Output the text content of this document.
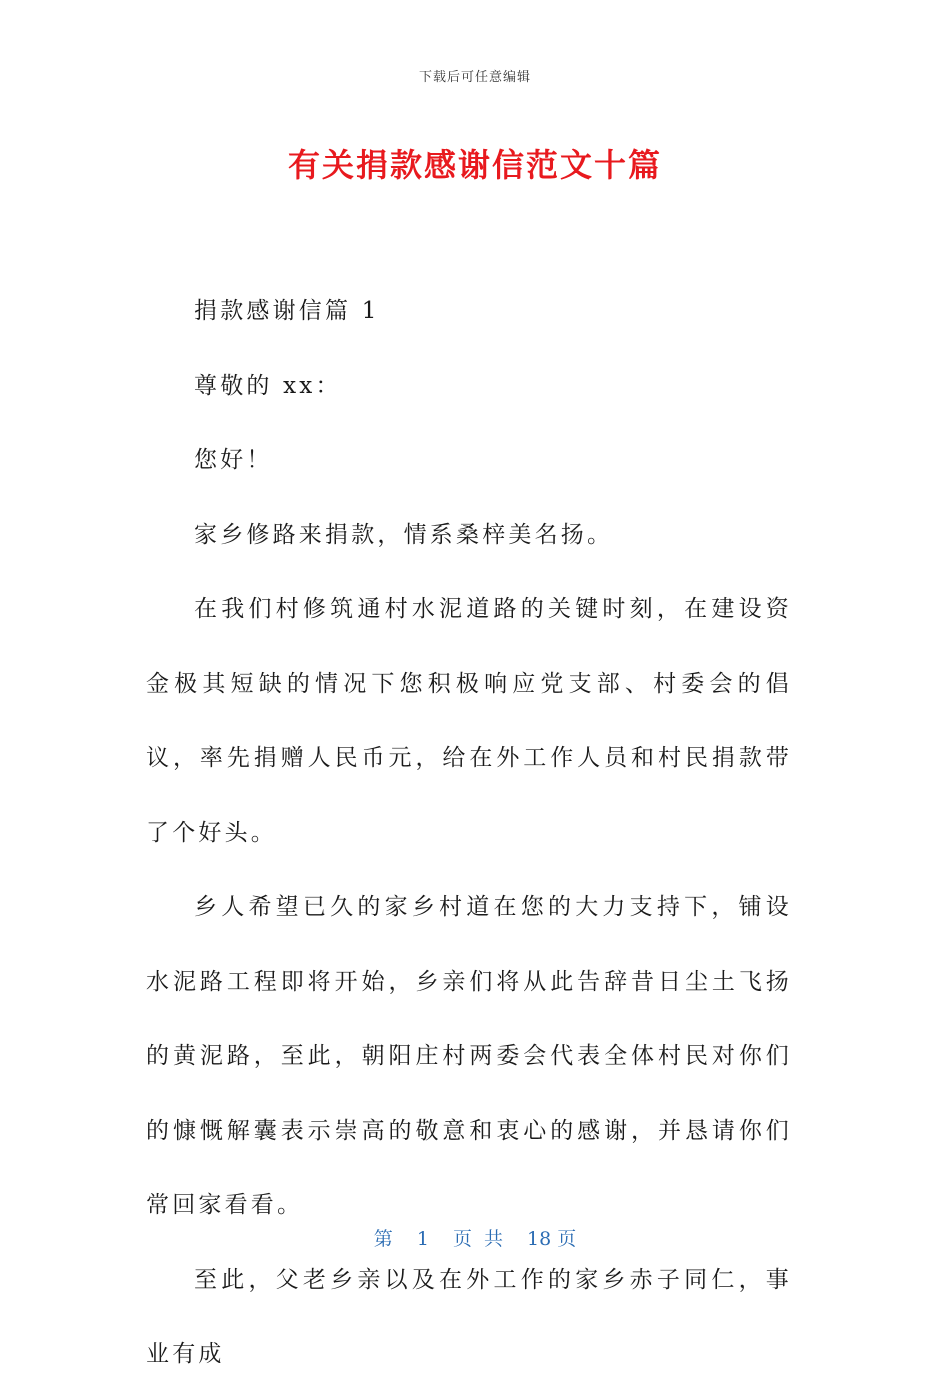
下载后可任意编辑
有关捐款感谢信范文十篇

捐款感谢信篇 1

尊敬的 xx：

您好！

家乡修路来捐款，情系桑梓美名扬。

在我们村修筑通村水泥道路的关键时刻，在建设资金极其短缺的情况下您积极响应党支部、村委会的倡议，率先捐赠人民币元，给在外工作人员和村民捐款带了个好头。

乡人希望已久的家乡村道在您的大力支持下，铺设水泥路工程即将开始，乡亲们将从此告辞昔日尘土飞扬的黄泥路，至此，朝阳庄村两委会代表全体村民对你们的慷慨解囊表示崇高的敬意和衷心的感谢，并恳请你们常回家看看。

至此，父老乡亲以及在外工作的家乡赤子同仁，事业有成

第 1 页 共 18 页
